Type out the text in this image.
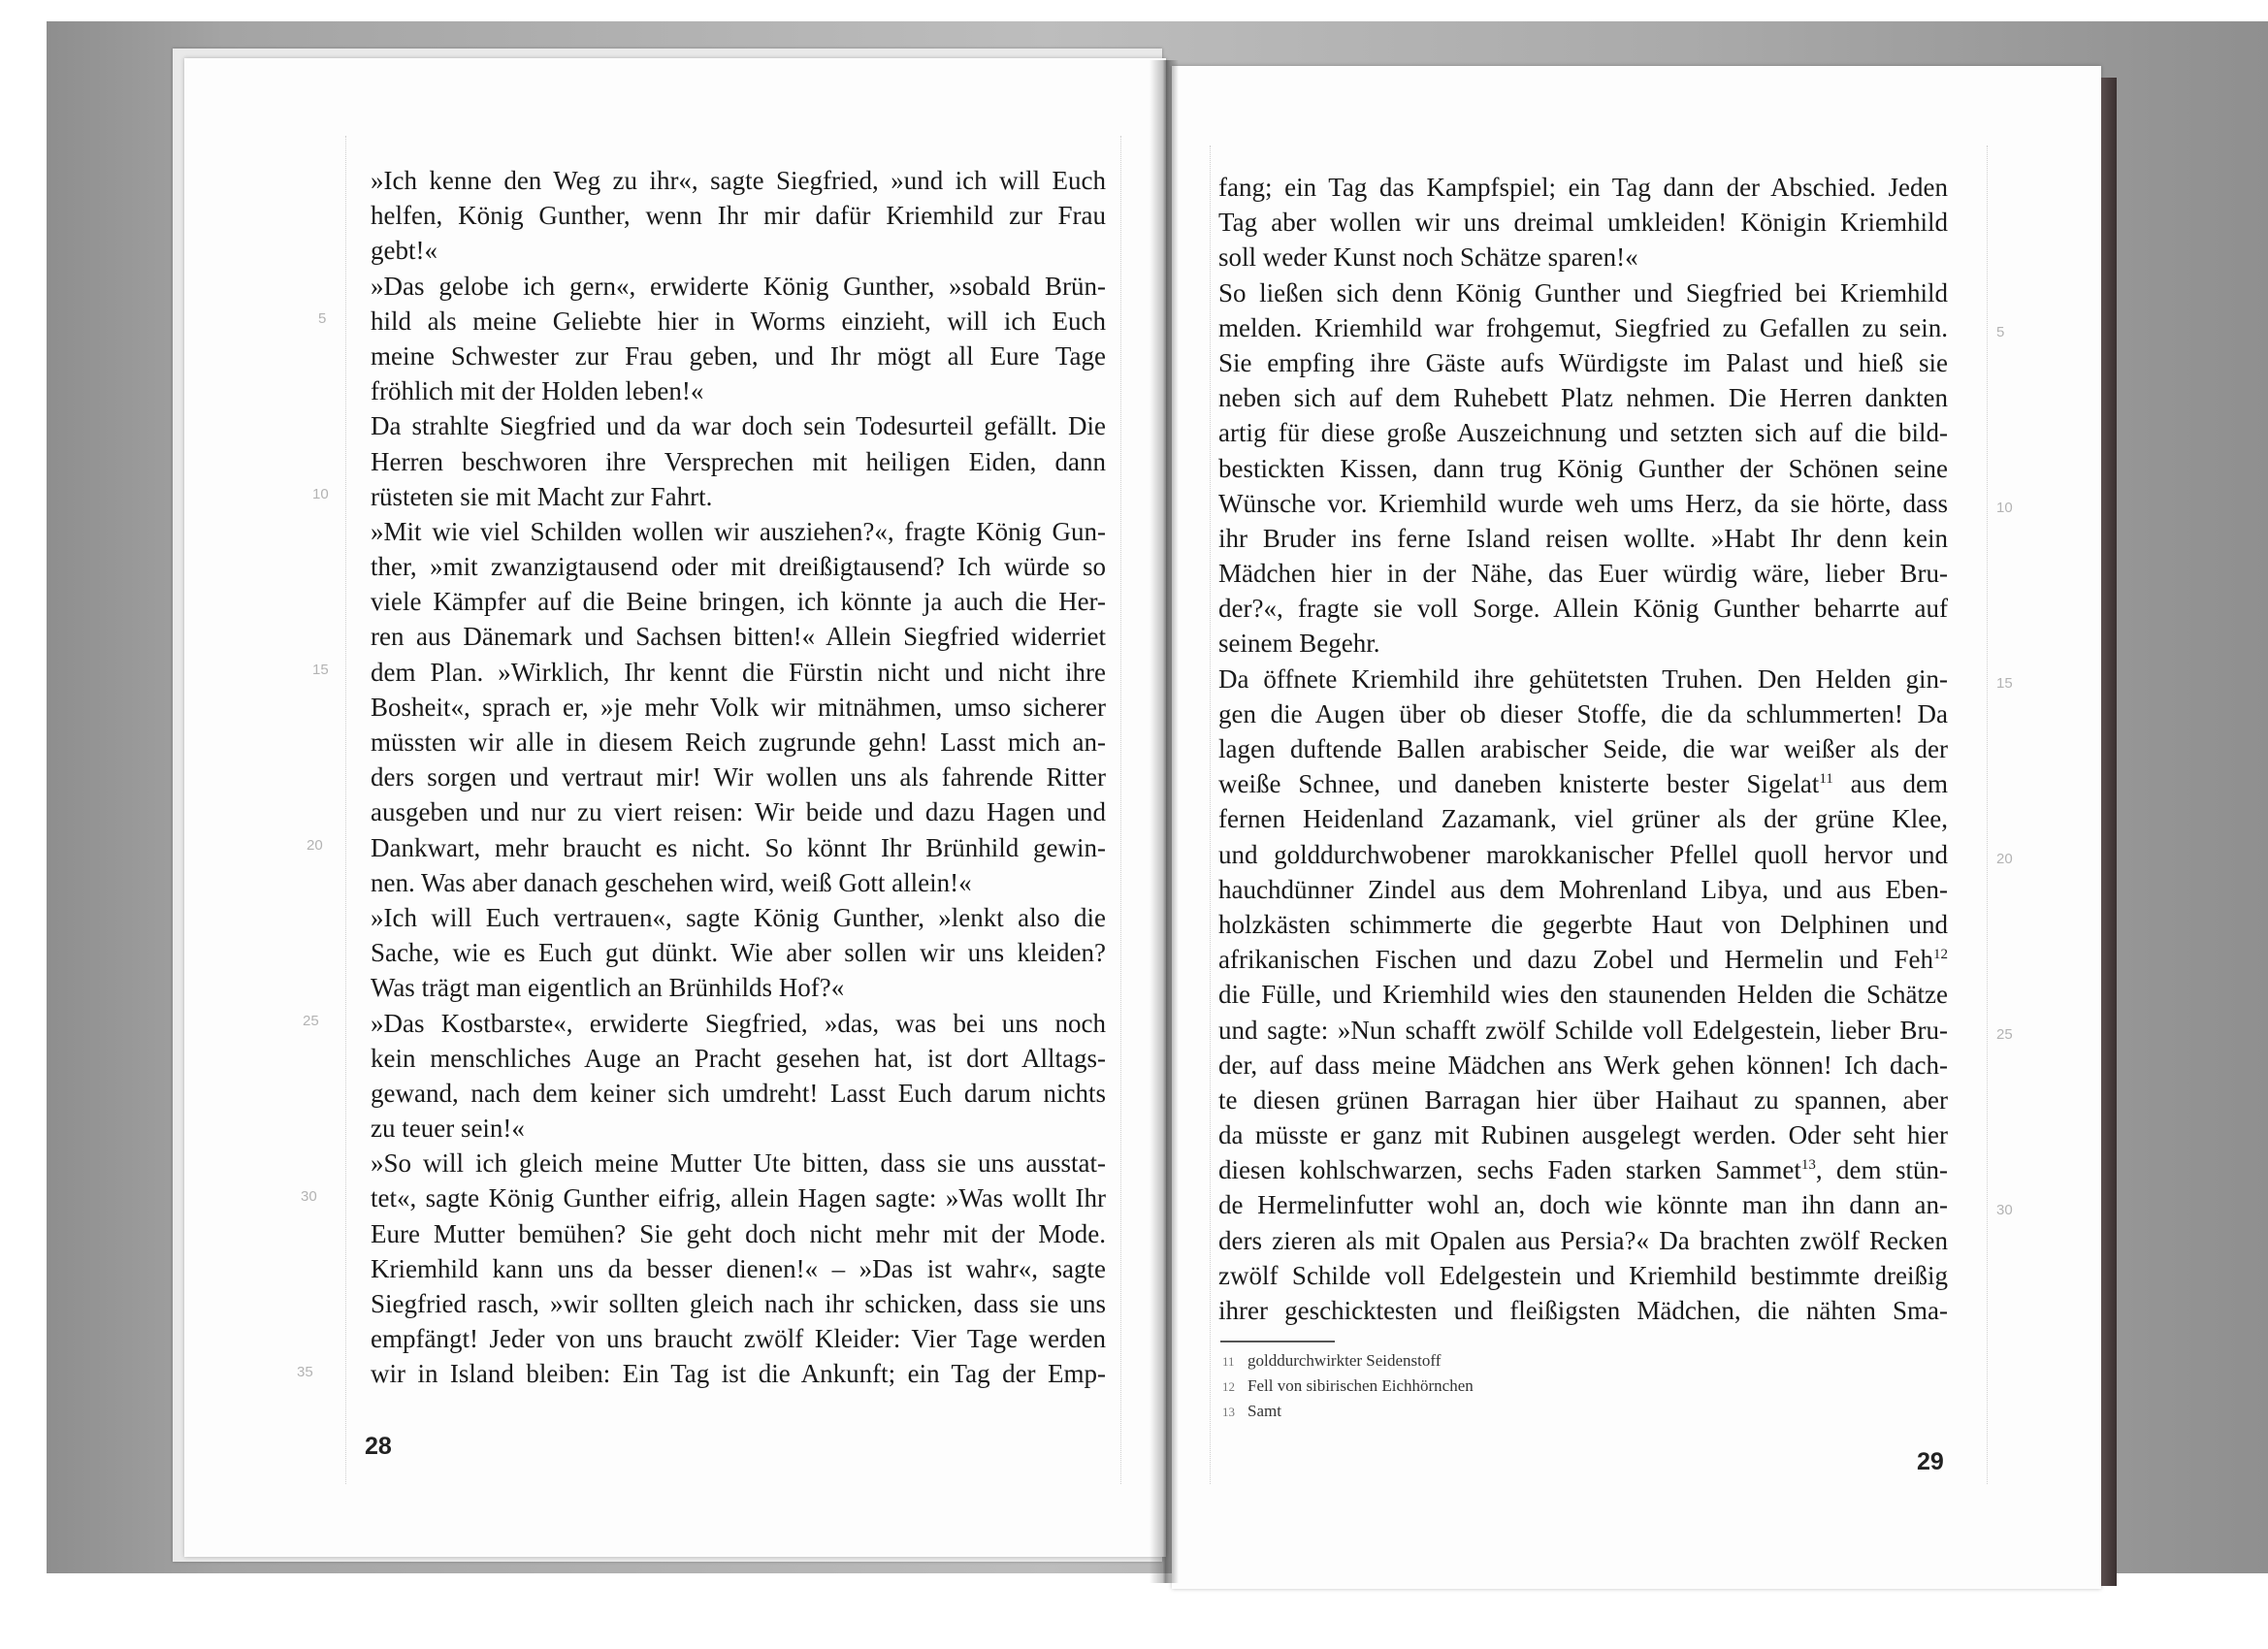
5
10
15
20
25
30
35
5
10
15
20
25
30
»Ich kenne den Weg zu ihr«, sagte Siegfried, »und ich will Euch
helfen, König Gunther, wenn Ihr mir dafür Kriemhild zur Frau
gebt!«
»Das gelobe ich gern«, erwiderte König Gunther, »sobald Brün-
hild als meine Geliebte hier in Worms einzieht, will ich Euch
meine Schwester zur Frau geben, und Ihr mögt all Eure Tage
fröhlich mit der Holden leben!«
Da strahlte Siegfried und da war doch sein Todesurteil gefällt. Die
Herren beschworen ihre Versprechen mit heiligen Eiden, dann
rüsteten sie mit Macht zur Fahrt.
»Mit wie viel Schilden wollen wir ausziehen?«, fragte König Gun-
ther, »mit zwanzigtausend oder mit dreißigtausend? Ich würde so
viele Kämpfer auf die Beine bringen, ich könnte ja auch die Her-
ren aus Dänemark und Sachsen bitten!« Allein Siegfried widerriet
dem Plan. »Wirklich, Ihr kennt die Fürstin nicht und nicht ihre
Bosheit«, sprach er, »je mehr Volk wir mitnähmen, umso sicherer
müssten wir alle in diesem Reich zugrunde gehn! Lasst mich an-
ders sorgen und vertraut mir! Wir wollen uns als fahrende Ritter
ausgeben und nur zu viert reisen: Wir beide und dazu Hagen und
Dankwart, mehr braucht es nicht. So könnt Ihr Brünhild gewin-
nen. Was aber danach geschehen wird, weiß Gott allein!«
»Ich will Euch vertrauen«, sagte König Gunther, »lenkt also die
Sache, wie es Euch gut dünkt. Wie aber sollen wir uns kleiden?
Was trägt man eigentlich an Brünhilds Hof?«
»Das Kostbarste«, erwiderte Siegfried, »das, was bei uns noch
kein menschliches Auge an Pracht gesehen hat, ist dort Alltags-
gewand, nach dem keiner sich umdreht! Lasst Euch darum nichts
zu teuer sein!«
»So will ich gleich meine Mutter Ute bitten, dass sie uns ausstat-
tet«, sagte König Gunther eifrig, allein Hagen sagte: »Was wollt Ihr
Eure Mutter bemühen? Sie geht doch nicht mehr mit der Mode.
Kriemhild kann uns da besser dienen!« – »Das ist wahr«, sagte
Siegfried rasch, »wir sollten gleich nach ihr schicken, dass sie uns
empfängt! Jeder von uns braucht zwölf Kleider: Vier Tage werden
wir in Island bleiben: Ein Tag ist die Ankunft; ein Tag der Emp-
28
fang; ein Tag das Kampfspiel; ein Tag dann der Abschied. Jeden
Tag aber wollen wir uns dreimal umkleiden! Königin Kriemhild
soll weder Kunst noch Schätze sparen!«
So ließen sich denn König Gunther und Siegfried bei Kriemhild
melden. Kriemhild war frohgemut, Siegfried zu Gefallen zu sein.
Sie empfing ihre Gäste aufs Würdigste im Palast und hieß sie
neben sich auf dem Ruhebett Platz nehmen. Die Herren dankten
artig für diese große Auszeichnung und setzten sich auf die bild-
bestickten Kissen, dann trug König Gunther der Schönen seine
Wünsche vor. Kriemhild wurde weh ums Herz, da sie hörte, dass
ihr Bruder ins ferne Island reisen wollte. »Habt Ihr denn kein
Mädchen hier in der Nähe, das Euer würdig wäre, lieber Bru-
der?«, fragte sie voll Sorge. Allein König Gunther beharrte auf
seinem Begehr.
Da öffnete Kriemhild ihre gehütetsten Truhen. Den Helden gin-
gen die Augen über ob dieser Stoffe, die da schlummerten! Da
lagen duftende Ballen arabischer Seide, die war weißer als der
weiße Schnee, und daneben knisterte bester Sigelat$^{11}$ aus dem
fernen Heidenland Zazamank, viel grüner als der grüne Klee,
und golddurchwobener marokkanischer Pfellel quoll hervor und
hauchdünner Zindel aus dem Mohrenland Libya, und aus Eben-
holzkästen schimmerte die gegerbte Haut von Delphinen und
afrikanischen Fischen und dazu Zobel und Hermelin und Feh$^{12}$
die Fülle, und Kriemhild wies den staunenden Helden die Schätze
und sagte: »Nun schafft zwölf Schilde voll Edelgestein, lieber Bru-
der, auf dass meine Mädchen ans Werk gehen können! Ich dach-
te diesen grünen Barragan hier über Haihaut zu spannen, aber
da müsste er ganz mit Rubinen ausgelegt werden. Oder seht hier
diesen kohlschwarzen, sechs Faden starken Sammet$^{13}$, dem stün-
de Hermelinfutter wohl an, doch wie könnte man ihn dann an-
ders zieren als mit Opalen aus Persia?« Da brachten zwölf Recken
zwölf Schilde voll Edelgestein und Kriemhild bestimmte dreißig
ihrer geschicktesten und fleißigsten Mädchen, die nähten Sma-
11 golddurchwirkter Seidenstoff
12 Fell von sibirischen Eichhörnchen
13 Samt
29
